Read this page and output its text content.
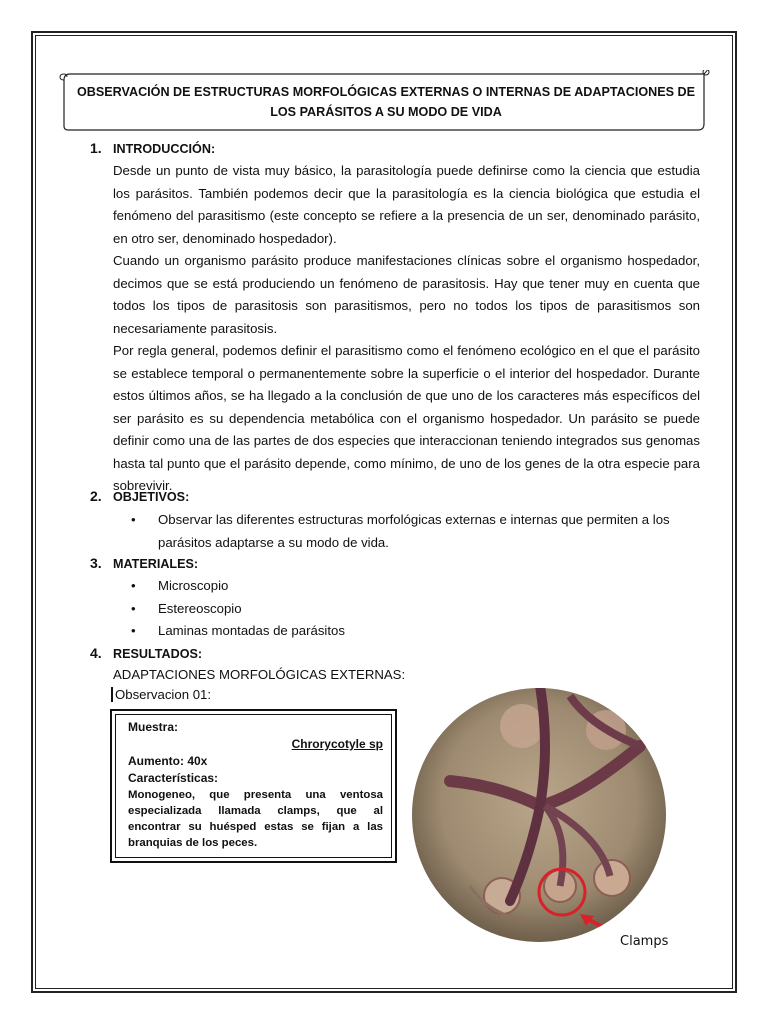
OBSERVACIÓN DE ESTRUCTURAS MORFOLÓGICAS EXTERNAS O INTERNAS DE ADAPTACIONES DE LOS PARÁSITOS A SU MODO DE VIDA
1. INTRODUCCIÓN:

Desde un punto de vista muy básico, la parasitología puede definirse como la ciencia que estudia los parásitos. También podemos decir que la parasitología es la ciencia biológica que estudia el fenómeno del parasitismo (este concepto se refiere a la presencia de un ser, denominado parásito, en otro ser, denominado hospedador).

Cuando un organismo parásito produce manifestaciones clínicas sobre el organismo hospedador, decimos que se está produciendo un fenómeno de parasitosis. Hay que tener muy en cuenta que todos los tipos de parasitosis son parasitismos, pero no todos los tipos de parasitismos son necesariamente parasitosis.

Por regla general, podemos definir el parasitismo como el fenómeno ecológico en el que el parásito se establece temporal o permanentemente sobre la superficie o el interior del hospedador. Durante estos últimos años, se ha llegado a la conclusión de que uno de los caracteres más específicos del ser parásito es su dependencia metabólica con el organismo hospedador. Un parásito se puede definir como una de las partes de dos especies que interaccionan teniendo integrados sus genomas hasta tal punto que el parásito depende, como mínimo, de uno de los genes de la otra especie para sobrevivir.

2. OBJETIVOS:
• Observar las diferentes estructuras morfológicas externas e internas que permiten a los parásitos adaptarse a su modo de vida.
3. MATERIALES:
• Microscopio
• Estereoscopio
• Laminas montadas de parásitos
4. RESULTADOS:
ADAPTACIONES MORFOLÓGICAS EXTERNAS:
Observacion 01:
Muestra:
Chrorycotyle sp
Aumento: 40x
Características:
Monogeneo, que presenta una ventosa especializada llamada clamps, que al encontrar su huésped estas se fijan a las branquias de los peces.
Clamps
